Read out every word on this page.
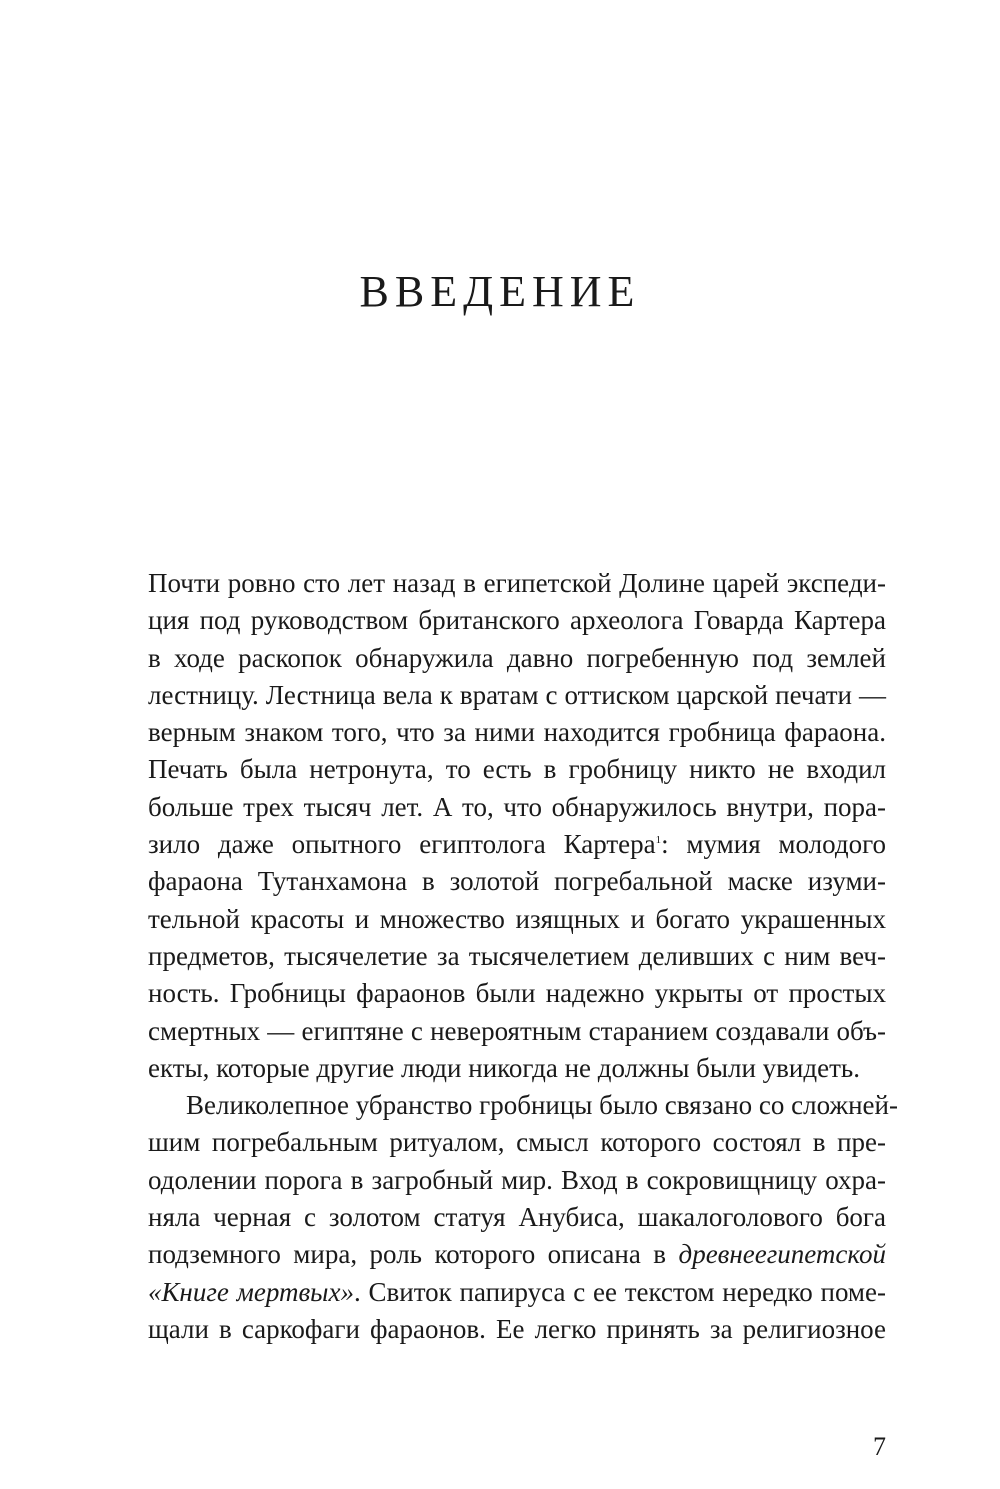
ВВЕДЕНИЕ

Почти ровно сто лет назад в египетской Долине царей экспеди-
ция под руководством британского археолога Говарда Картера
в ходе раскопок обнаружила давно погребенную под землей
лестницу. Лестница вела к вратам с оттиском царской печати —
верным знаком того, что за ними находится гробница фараона.
Печать была нетронута, то есть в гробницу никто не входил
больше трех тысяч лет. А то, что обнаружилось внутри, пора-
зило даже опытного египтолога Картера$^1$: мумия молодого
фараона Тутанхамона в золотой погребальной маске изуми-
тельной красоты и множество изящных и богато украшенных
предметов, тысячелетие за тысячелетием деливших с ним веч-
ность. Гробницы фараонов были надежно укрыты от простых
смертных — египтяне с невероятным старанием создавали объ-
екты, которые другие люди никогда не должны были увидеть.

Великолепное убранство гробницы было связано со сложней-
шим погребальным ритуалом, смысл которого состоял в пре-
одолении порога в загробный мир. Вход в сокровищницу охра-
няла черная с золотом статуя Анубиса, шакалоголового бога
подземного мира, роль которого описана в древнеегипетской
«Книге мертвых». Свиток папируса с ее текстом нередко поме-
щали в саркофаги фараонов. Ее легко принять за религиозное

7
